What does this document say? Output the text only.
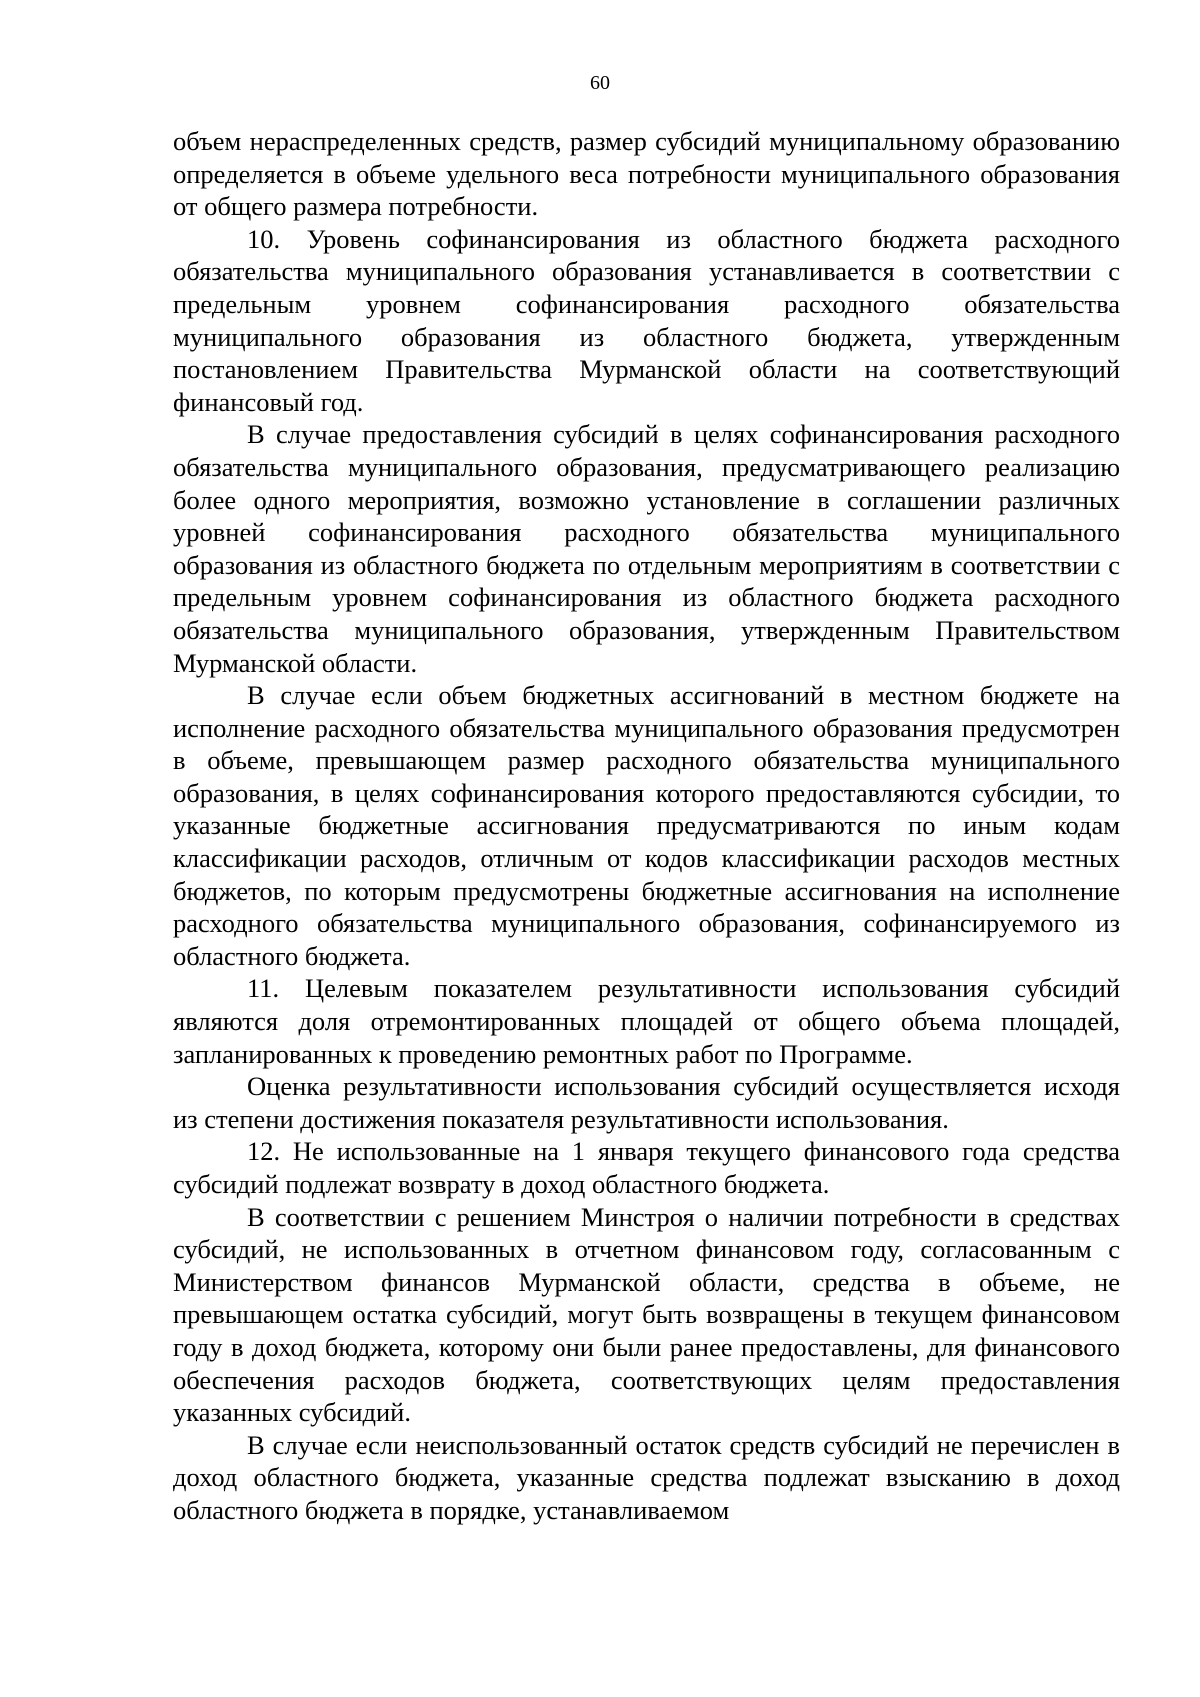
60

объем нераспределенных средств, размер субсидий муниципальному образованию определяется в объеме удельного веса потребности муниципального образования от общего размера потребности.

10. Уровень софинансирования из областного бюджета расходного обязательства муниципального образования устанавливается в соответствии с предельным уровнем софинансирования расходного обязательства муниципального образования из областного бюджета, утвержденным постановлением Правительства Мурманской области на соответствующий финансовый год.

В случае предоставления субсидий в целях софинансирования расходного обязательства муниципального образования, предусматривающего реализацию более одного мероприятия, возможно установление в соглашении различных уровней софинансирования расходного обязательства муниципального образования из областного бюджета по отдельным мероприятиям в соответствии с предельным уровнем софинансирования из областного бюджета расходного обязательства муниципального образования, утвержденным Правительством Мурманской области.

В случае если объем бюджетных ассигнований в местном бюджете на исполнение расходного обязательства муниципального образования предусмотрен в объеме, превышающем размер расходного обязательства муниципального образования, в целях софинансирования которого предоставляются субсидии, то указанные бюджетные ассигнования предусматриваются по иным кодам классификации расходов, отличным от кодов классификации расходов местных бюджетов, по которым предусмотрены бюджетные ассигнования на исполнение расходного обязательства муниципального образования, софинансируемого из областного бюджета.

11. Целевым показателем результативности использования субсидий являются доля отремонтированных площадей от общего объема площадей, запланированных к проведению ремонтных работ по Программе.

Оценка результативности использования субсидий осуществляется исходя из степени достижения показателя результативности использования.

12. Не использованные на 1 января текущего финансового года средства субсидий подлежат возврату в доход областного бюджета.

В соответствии с решением Минстроя о наличии потребности в средствах субсидий, не использованных в отчетном финансовом году, согласованным с Министерством финансов Мурманской области, средства в объеме, не превышающем остатка субсидий, могут быть возвращены в текущем финансовом году в доход бюджета, которому они были ранее предоставлены, для финансового обеспечения расходов бюджета, соответствующих целям предоставления указанных субсидий.

В случае если неиспользованный остаток средств субсидий не перечислен в доход областного бюджета, указанные средства подлежат взысканию в доход областного бюджета в порядке, устанавливаемом
